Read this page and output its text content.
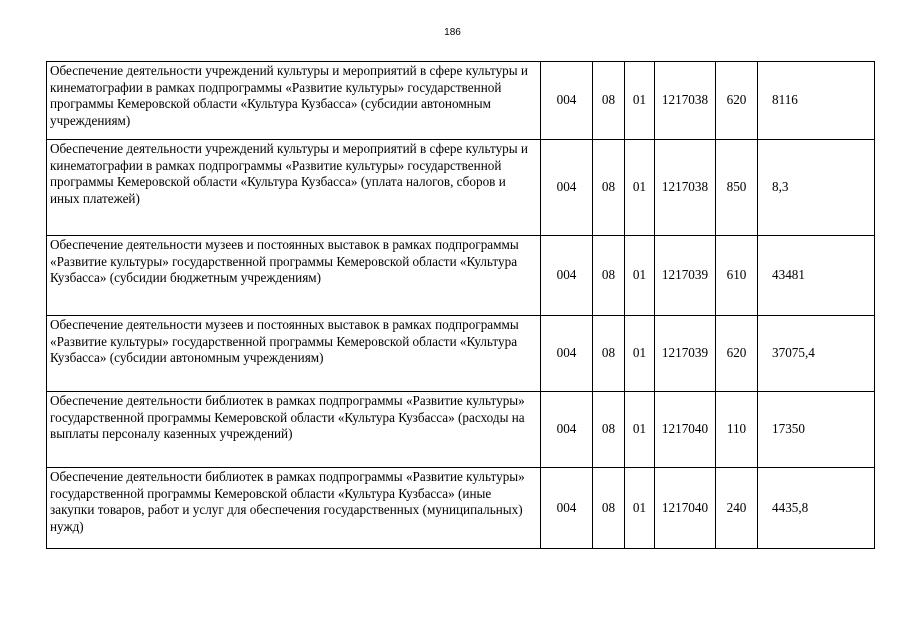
186
Обеспечение деятельности учреждений культуры и мероприятий в сфере культуры и кинематографии в рамках подпрограммы «Развитие культуры» государственной программы Кемеровской области «Культура Кузбасса» (субсидии автономным учреждениям)	004	08	01	1217038	620	8116
Обеспечение деятельности учреждений культуры и мероприятий в сфере культуры и кинематографии в рамках подпрограммы «Развитие культуры» государственной программы Кемеровской области «Культура Кузбасса» (уплата налогов, сборов и иных платежей)	004	08	01	1217038	850	8,3
Обеспечение деятельности музеев и постоянных выставок в рамках подпрограммы «Развитие культуры» государственной программы Кемеровской области «Культура Кузбасса» (субсидии бюджетным учреждениям)	004	08	01	1217039	610	43481
Обеспечение деятельности музеев и постоянных выставок в рамках подпрограммы «Развитие культуры» государственной программы Кемеровской области «Культура Кузбасса» (субсидии автономным учреждениям)	004	08	01	1217039	620	37075,4
Обеспечение деятельности библиотек в рамках подпрограммы «Развитие культуры» государственной программы Кемеровской области «Культура Кузбасса» (расходы на выплаты персоналу казенных учреждений)	004	08	01	1217040	110	17350
Обеспечение деятельности библиотек в рамках подпрограммы «Развитие культуры» государственной программы Кемеровской области «Культура Кузбасса» (иные закупки товаров, работ и услуг для обеспечения государственных (муниципальных) нужд)	004	08	01	1217040	240	4435,8
